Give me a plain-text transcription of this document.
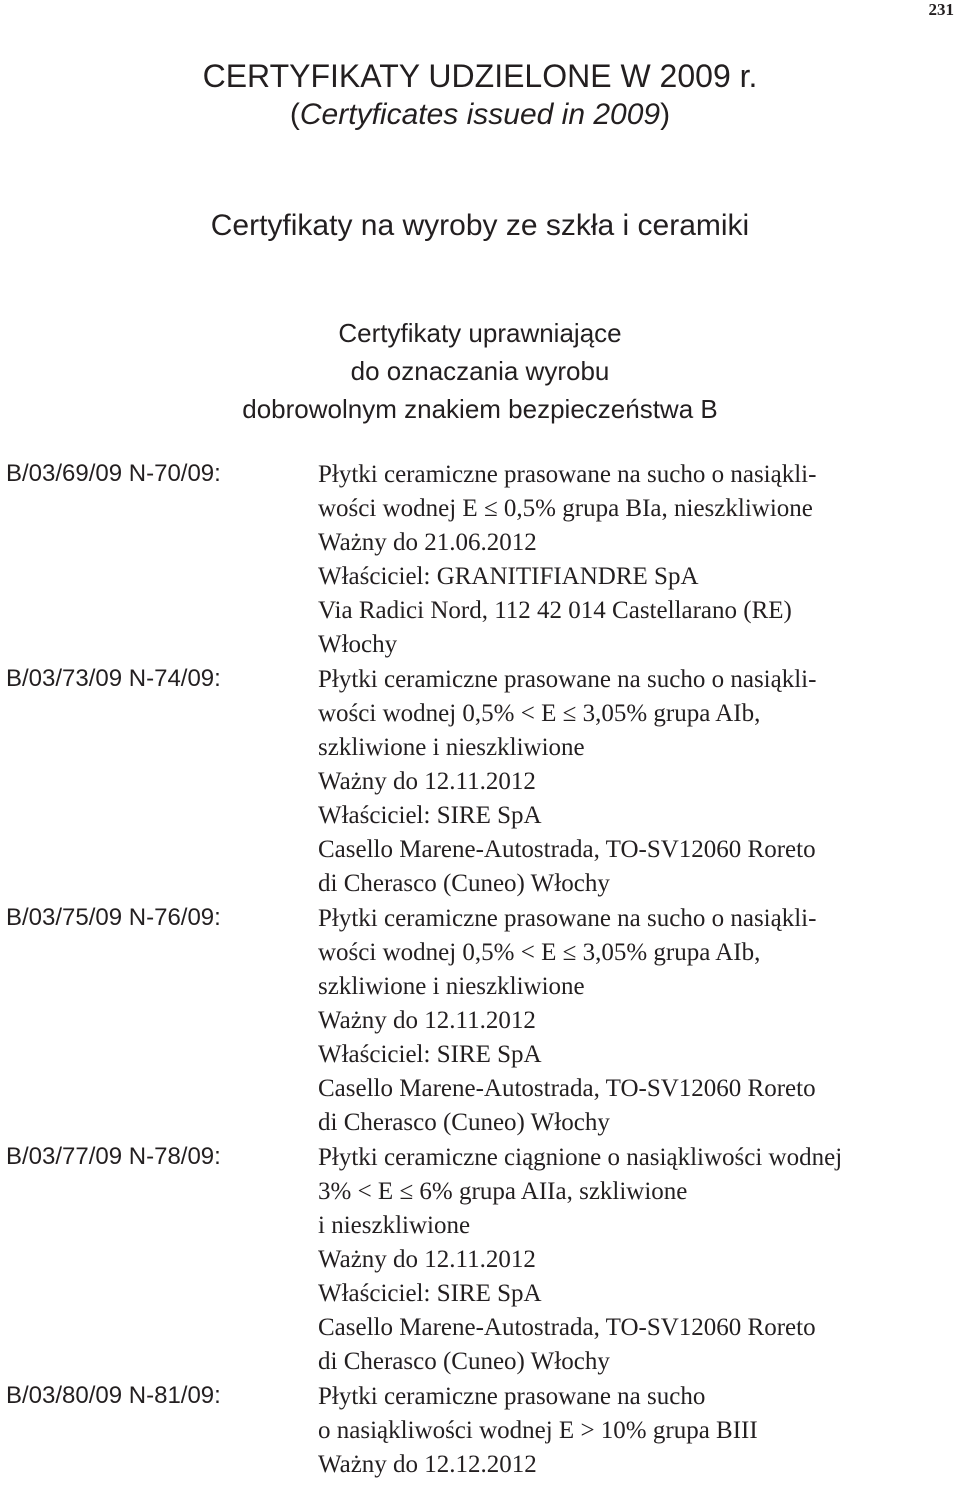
231
CERTYFIKATY UDZIELONE W 2009 r.
(Certyficates issued in 2009)
Certyfikaty na wyroby ze szkła i ceramiki
Certyfikaty uprawniające
do oznaczania wyrobu
dobrowolnym znakiem bezpieczeństwa B
B/03/69/09 N-70/09:	Płytki ceramiczne prasowane na sucho o nasiąkli-
wości wodnej E ≤ 0,5% grupa BIa, nieszkliwione
Ważny do 21.06.2012
Właściciel: GRANITIFIANDRE SpA
Via Radici Nord, 112 42 014 Castellarano (RE)
Włochy
B/03/73/09 N-74/09:	Płytki ceramiczne prasowane na sucho o nasiąkli-
wości wodnej 0,5% < E ≤ 3,05% grupa AIb,
szkliwione i nieszkliwione
Ważny do 12.11.2012
Właściciel: SIRE SpA
Casello Marene-Autostrada, TO-SV12060 Roreto
di Cherasco (Cuneo) Włochy
B/03/75/09 N-76/09:	Płytki ceramiczne prasowane na sucho o nasiąkli-
wości wodnej 0,5% < E ≤ 3,05% grupa AIb,
szkliwione i nieszkliwione
Ważny do 12.11.2012
Właściciel: SIRE SpA
Casello Marene-Autostrada, TO-SV12060 Roreto
di Cherasco (Cuneo) Włochy
B/03/77/09 N-78/09:	Płytki ceramiczne ciągnione o nasiąkliwości wodnej
3% < E ≤ 6% grupa AIIa, szkliwione
i nieszkliwione
Ważny do 12.11.2012
Właściciel: SIRE SpA
Casello Marene-Autostrada, TO-SV12060 Roreto
di Cherasco (Cuneo) Włochy
B/03/80/09 N-81/09:	Płytki ceramiczne prasowane na sucho
o nasiąkliwości wodnej E > 10% grupa BIII
Ważny do 12.12.2012
